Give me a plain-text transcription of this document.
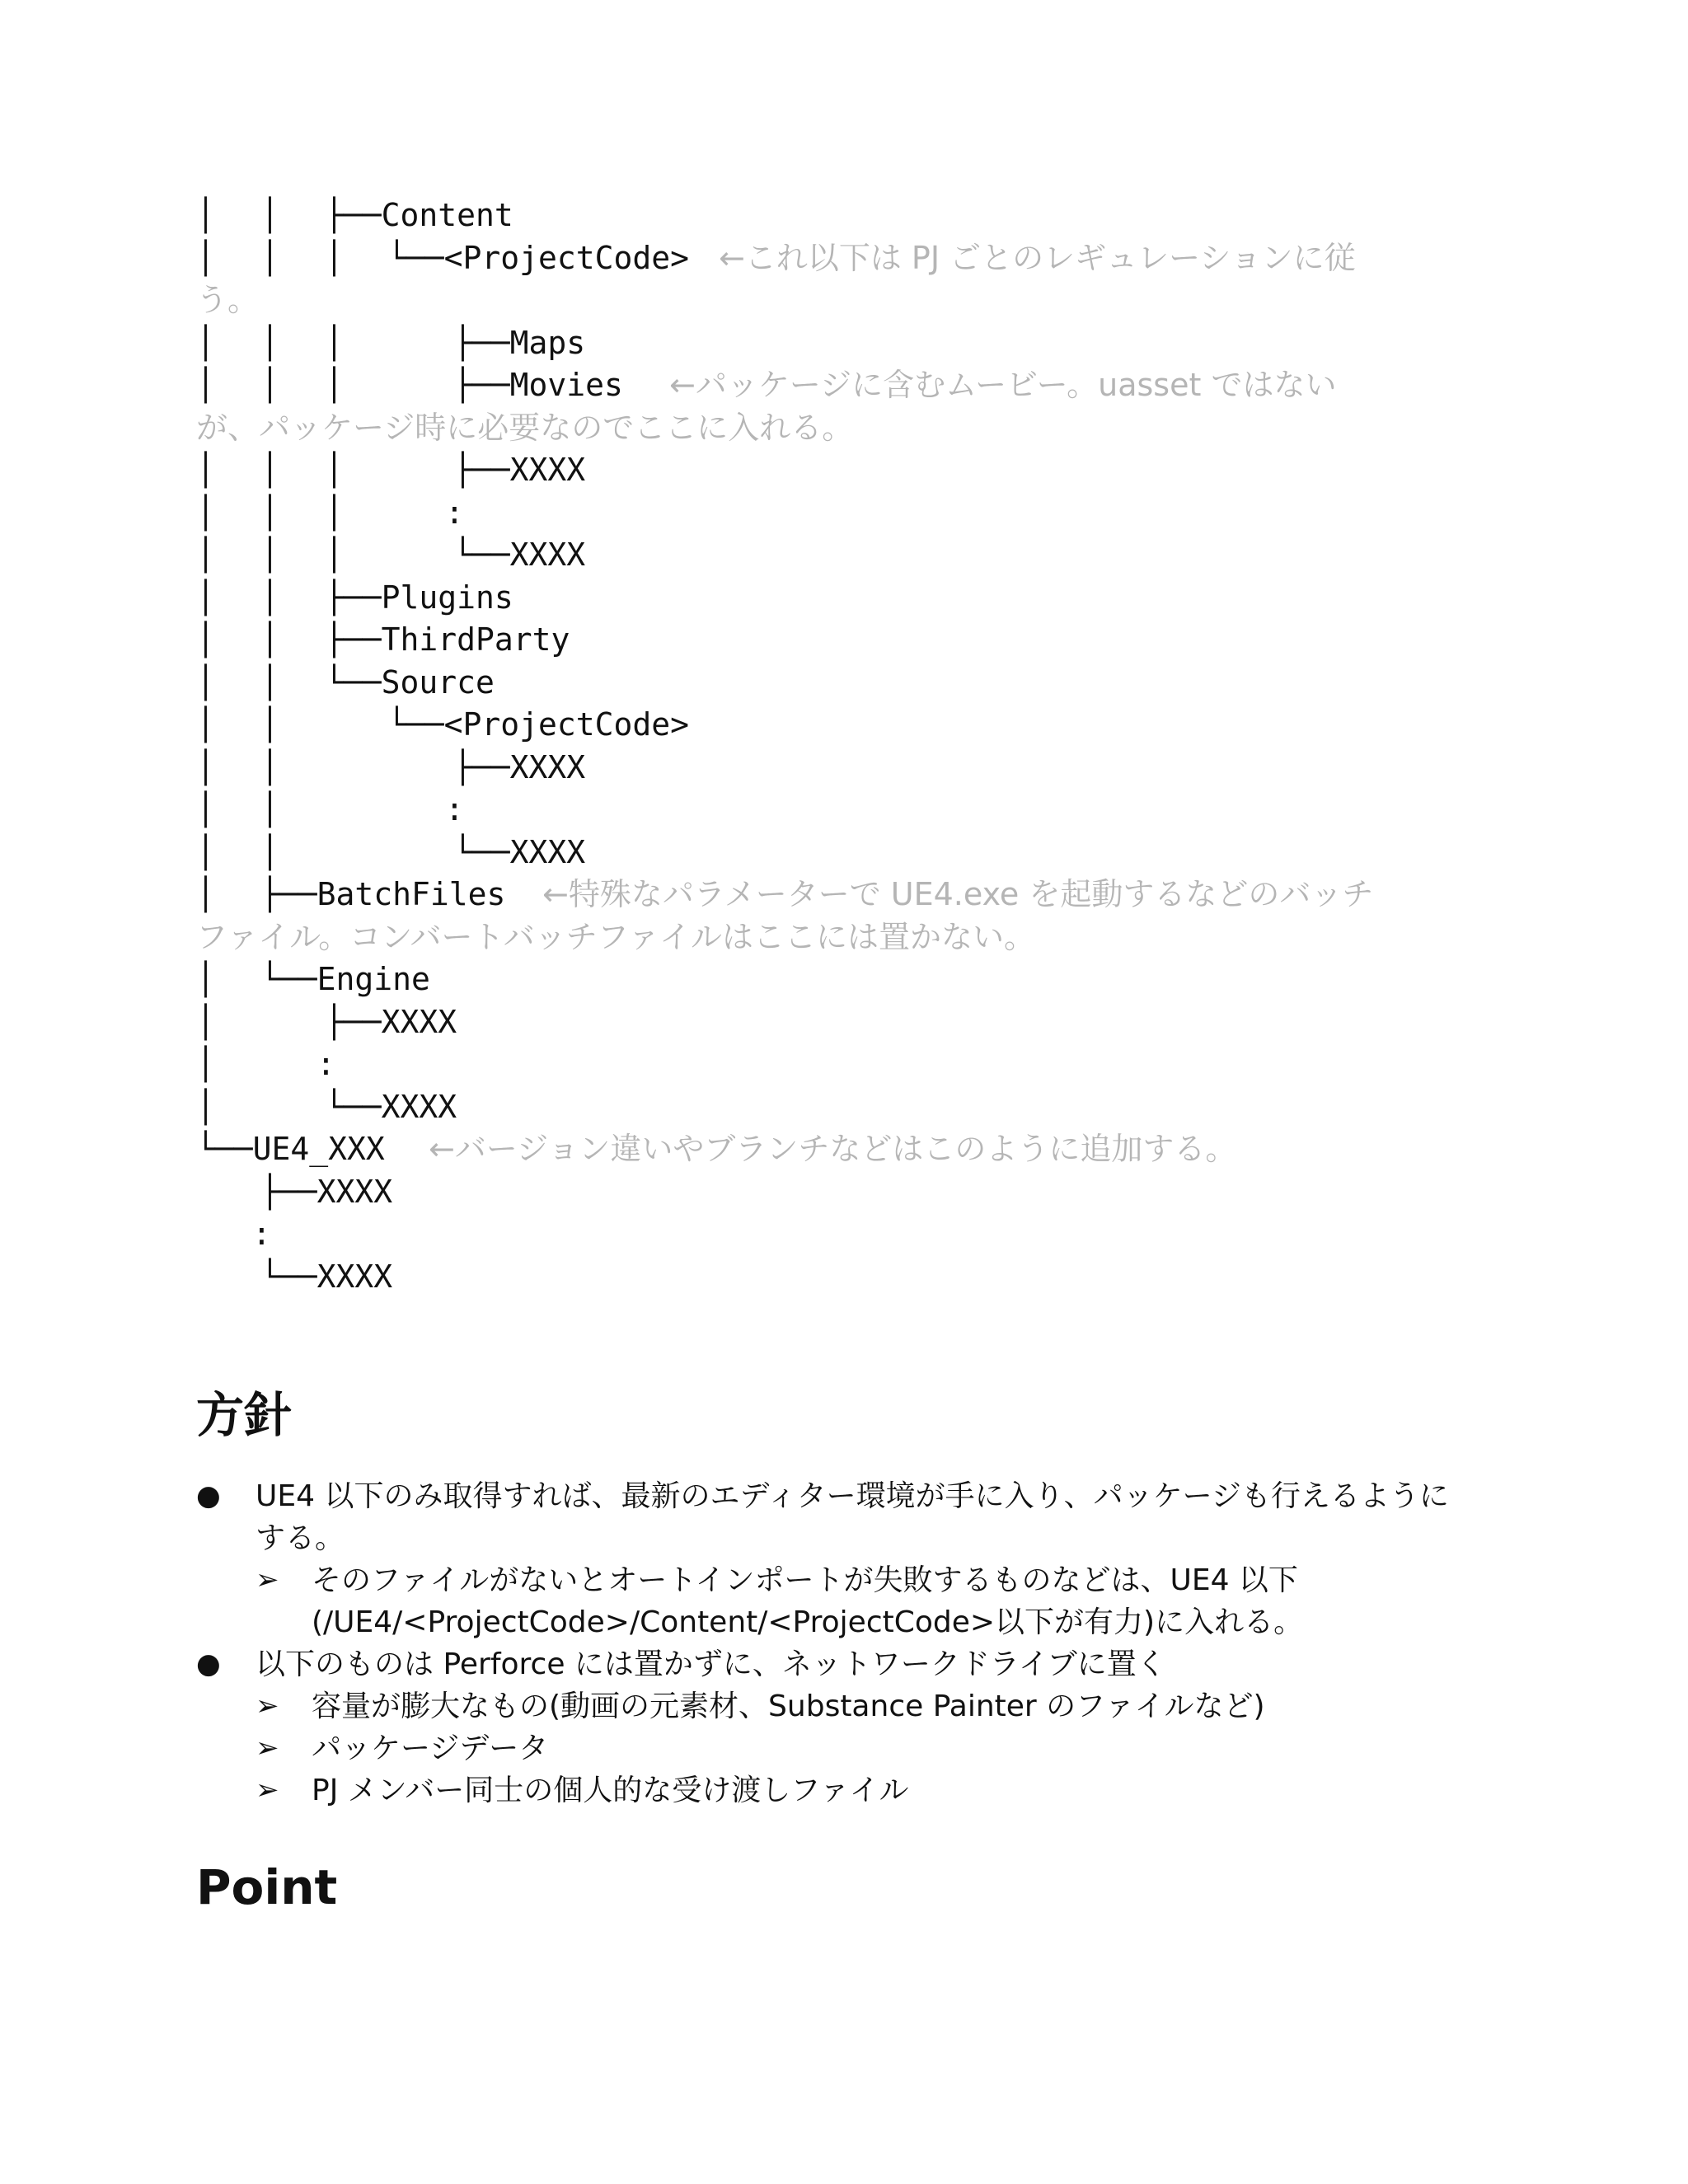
│ │ ├──Content
│ │ │ └──<ProjectCode> ←これ以下は PJ ごとのレギュレーションに従
う。
│ │ │	├──Maps
│ │ │	├──Movies ←パッケージに含むムービー。uasset ではない
が、パッケージ時に必要なのでここに入れる。
│ │ │	├──XXXX
│ │ │	:
│ │ │	└──XXXX
│ │ ├──Plugins
│ │ ├──ThirdParty
│ │ └──Source
│ │	└──<ProjectCode>
│ │	├──XXXX
│ │	:
│ │	└──XXXX
│ ├──BatchFiles ←特殊なパラメーターで UE4.exe を起動するなどのバッチ
ファイル。コンバートバッチファイルはここには置かない。
│ └──Engine
│	├──XXXX
│	:
│	└──XXXX
└──UE4_XXX ←バージョン違いやブランチなどはこのように追加する。
├──XXXX
:
└──XXXX
方針
● UE4 以下のみ取得すれば、最新のエディター環境が手に入り、パッケージも行えるように
する。
➢ そのファイルがないとオートインポートが失敗するものなどは、UE4 以下
(/UE4/<ProjectCode>/Content/<ProjectCode>以下が有力)に入れる。
● 以下のものは Perforce には置かずに、ネットワークドライブに置く
➢ 容量が膨大なもの(動画の元素材、Substance Painter のファイルなど)
➢ パッケージデータ
➢ PJ メンバー同士の個人的な受け渡しファイル
Point
